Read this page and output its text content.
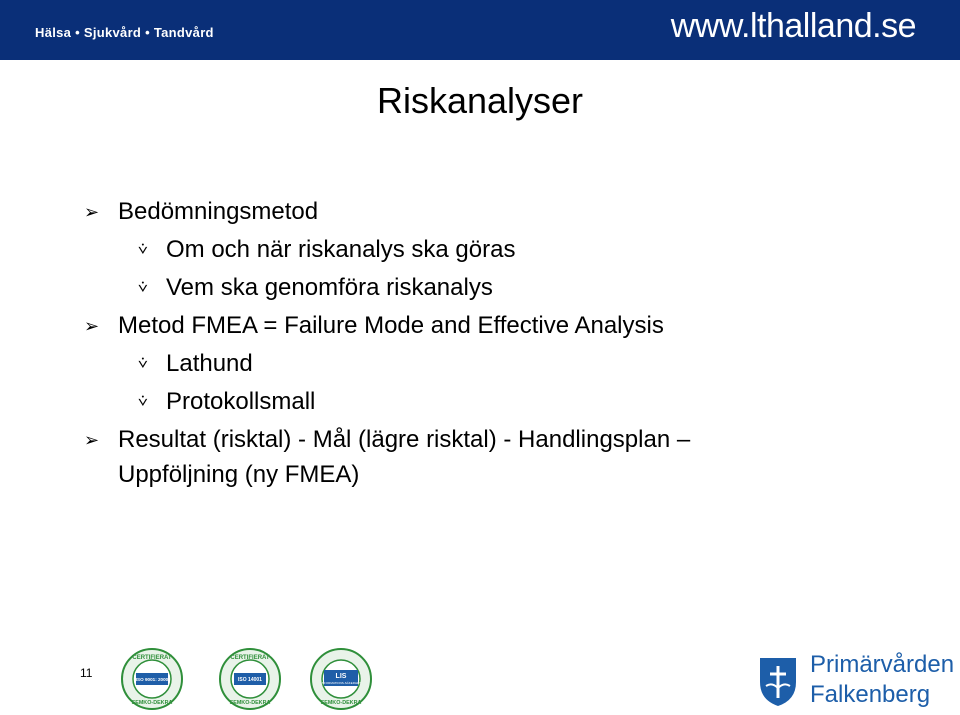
Hälsa • Sjukvård • Tandvård	www.lthalland.se
Riskanalyser
➢ Bedömningsmetod
⩒ Om och när riskanalys ska göras
⩒ Vem ska genomföra riskanalys
➢ Metod FMEA = Failure Mode and Effective Analysis
⩒ Lathund
⩒ Protokollsmall
➢ Resultat (risktal) - Mål (lägre risktal) - Handlingsplan –
Uppföljning (ny FMEA)
11
CERTIFIERAT
ISO 9001: 2000
SEMKO-DEKRA
CERTIFIERAT
ISO 14001
SEMKO-DEKRA
LIS
INFORMATIONS-SÄKERHET
SEMKO-DEKRA
Primärvården
Falkenberg
